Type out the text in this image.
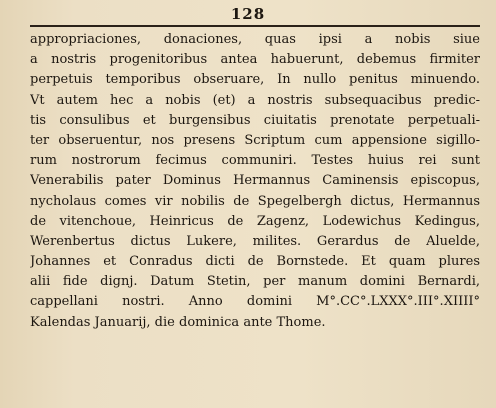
128
appropriaciones, donaciones, quas ipsi a nobis siue
a nostris progenitoribus antea habuerunt, debemus firmiter
perpetuis temporibus obseruare, In nullo penitus minuendo.
Vt autem hec a nobis (et) a nostris subsequacibus predic-
tis consulibus et burgensibus ciuitatis prenotate perpetuali-
ter obseruentur, nos presens Scriptum cum appensione sigillo-
rum nostrorum fecimus communiri. Testes huius rei sunt
Venerabilis pater Dominus Hermannus Caminensis episcopus,
nycholaus comes vir nobilis de Spegelbergh dictus, Hermannus
de vitenchoue, Heinricus de Zagenz, Lodewichus Kedingus,
Werenbertus dictus Lukere, milites. Gerardus de Aluelde,
Johannes et Conradus dicti de Bornstede. Et quam plures
alii fide dignj. Datum Stetin, per manum domini Bernardi,
cappellani nostri. Anno domini M°.CC°.LXXX°.III°.XIIII°
Kalendas Januarij, die dominica ante Thome.
